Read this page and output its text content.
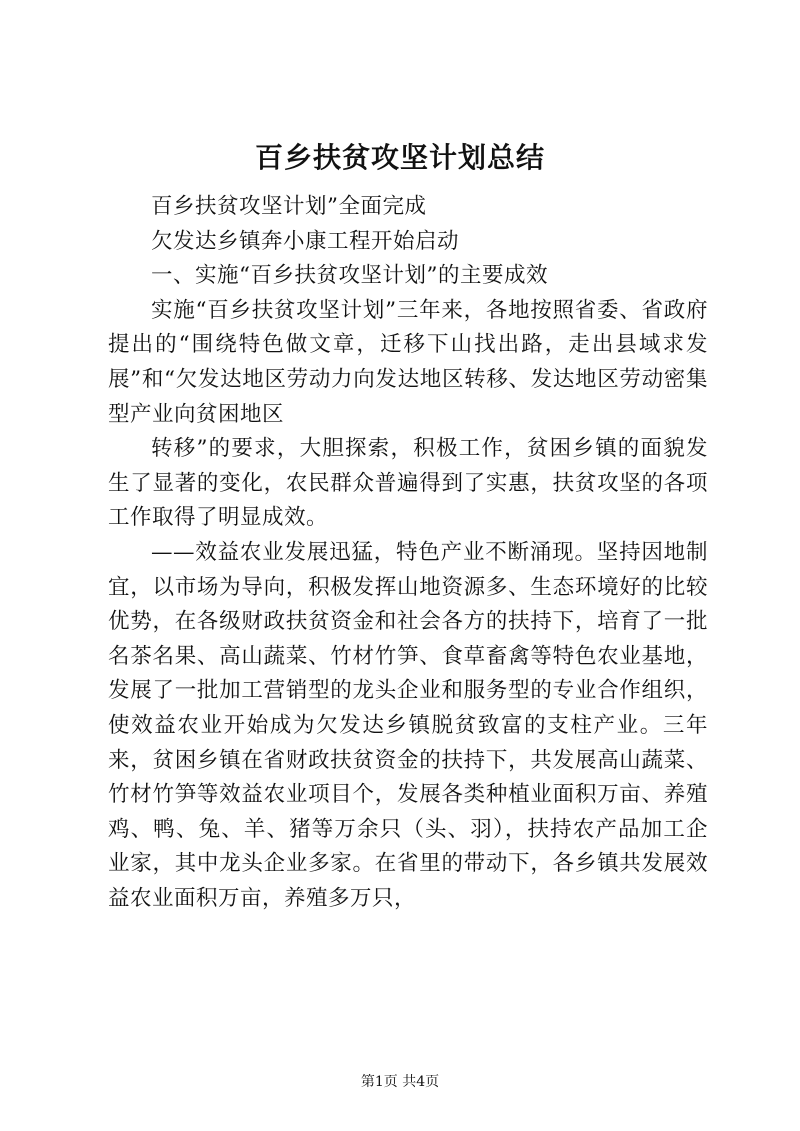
百乡扶贫攻坚计划总结

百乡扶贫攻坚计划”全面完成

欠发达乡镇奔小康工程开始启动

一、实施“百乡扶贫攻坚计划”的主要成效

实施“百乡扶贫攻坚计划”三年来，各地按照省委、省政府提出的“围绕特色做文章，迁移下山找出路，走出县域求发展”和“欠发达地区劳动力向发达地区转移、发达地区劳动密集型产业向贫困地区

转移”的要求，大胆探索，积极工作，贫困乡镇的面貌发生了显著的变化，农民群众普遍得到了实惠，扶贫攻坚的各项工作取得了明显成效。

——效益农业发展迅猛，特色产业不断涌现。坚持因地制宜，以市场为导向，积极发挥山地资源多、生态环境好的比较优势，在各级财政扶贫资金和社会各方的扶持下，培育了一批名茶名果、高山蔬菜、竹材竹笋、食草畜禽等特色农业基地，发展了一批加工营销型的龙头企业和服务型的专业合作组织，使效益农业开始成为欠发达乡镇脱贫致富的支柱产业。三年来，贫困乡镇在省财政扶贫资金的扶持下，共发展高山蔬菜、竹材竹笋等效益农业项目个，发展各类种植业面积万亩、养殖鸡、鸭、兔、羊、猪等万余只（头、羽），扶持农产品加工企业家，其中龙头企业多家。在省里的带动下，各乡镇共发展效益农业面积万亩，养殖多万只，

第1页 共4页
